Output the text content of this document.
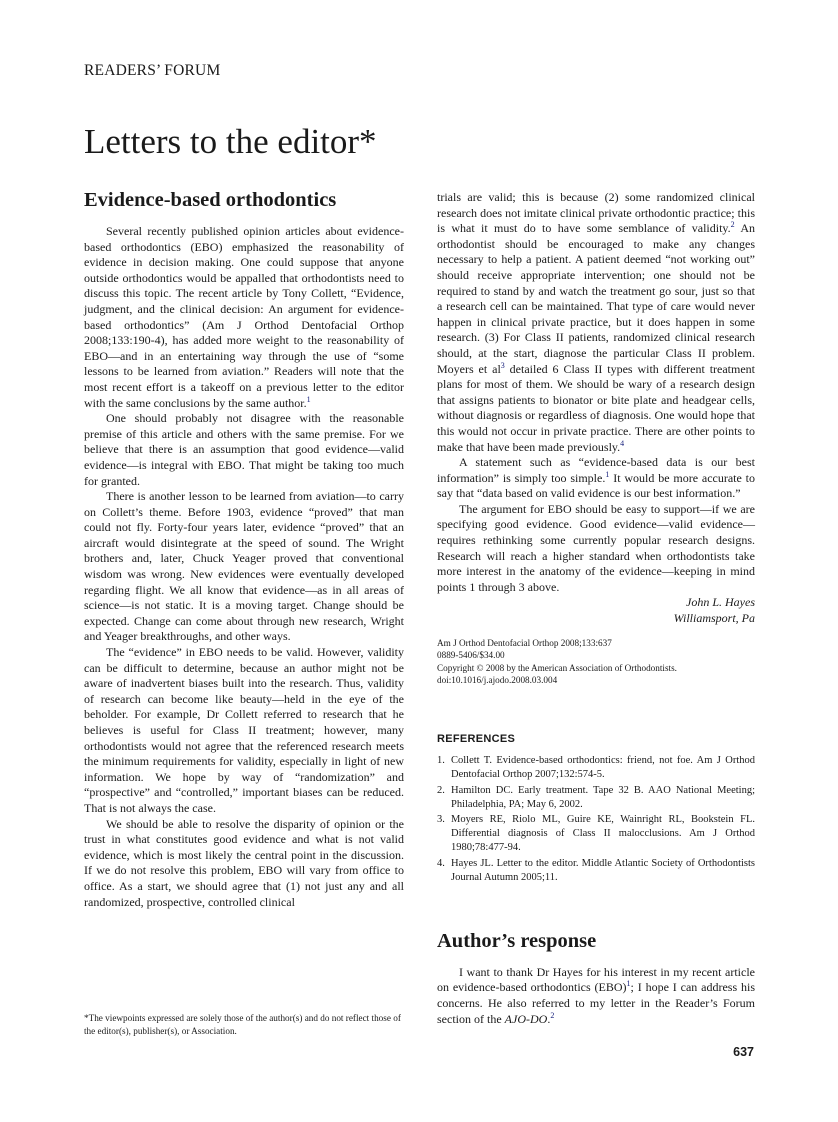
READERS’ FORUM
Letters to the editor*
Evidence-based orthodontics

Several recently published opinion articles about evidence-based orthodontics (EBO) emphasized the reasonability of evidence in decision making. One could suppose that anyone outside orthodontics would be appalled that orthodontists need to discuss this topic. The recent article by Tony Collett, “Evidence, judgment, and the clinical decision: An argument for evidence-based orthodontics” (Am J Orthod Dentofacial Orthop 2008;133:190-4), has added more weight to the reasonability of EBO—and in an entertaining way through the use of “some lessons to be learned from aviation.” Readers will note that the most recent effort is a takeoff on a previous letter to the editor with the same conclusions by the same author.$^1$

One should probably not disagree with the reasonable premise of this article and others with the same premise. For we believe that there is an assumption that good evidence—valid evidence—is integral with EBO. That might be taking too much for granted.

There is another lesson to be learned from aviation—to carry on Collett’s theme. Before 1903, evidence “proved” that man could not fly. Forty-four years later, evidence “proved” that an aircraft would disintegrate at the speed of sound. The Wright brothers and, later, Chuck Yeager proved that conventional wisdom was wrong. New evidences were eventually developed regarding flight. We all know that evidence—as in all areas of science—is not static. It is a moving target. Change should be expected. Change can come about through new research, Wright and Yeager breakthroughs, and other ways.

The “evidence” in EBO needs to be valid. However, validity can be difficult to determine, because an author might not be aware of inadvertent biases built into the research. Thus, validity of research can become like beauty—held in the eye of the beholder. For example, Dr Collett referred to research that he believes is useful for Class II treatment; however, many orthodontists would not agree that the referenced research meets the minimum requirements for validity, especially in light of new information. We hope by way of “randomization” and “prospective” and “controlled,” important biases can be reduced. That is not always the case.

We should be able to resolve the disparity of opinion or the trust in what constitutes good evidence and what is not valid evidence, which is most likely the central point in the discussion. If we do not resolve this problem, EBO will vary from office to office. As a start, we should agree that (1) not just any and all randomized, prospective, controlled clinical

*The viewpoints expressed are solely those of the author(s) and do not reflect those of the editor(s), publisher(s), or Association.

trials are valid; this is because (2) some randomized clinical research does not imitate clinical private orthodontic practice; this is what it must do to have some semblance of validity.$^2$ An orthodontist should be encouraged to make any changes necessary to help a patient. A patient deemed “not working out” should receive appropriate intervention; one should not be required to stand by and watch the treatment go sour, just so that a research cell can be maintained. That type of care would never happen in clinical private practice, but it does happen in some research. (3) For Class II patients, randomized clinical research should, at the start, diagnose the particular Class II problem. Moyers et $al^3$ detailed 6 Class II types with different treatment plans for most of them. We should be wary of a research design that assigns patients to bionator or bite plate and headgear cells, without diagnosis or regardless of diagnosis. One would hope that this would not occur in private practice. There are other points to make that have been made previously.$^4$

A statement such as “evidence-based data is our best information” is simply too simple.$^1$ It would be more accurate to say that “data based on valid evidence is our best information.”

The argument for EBO should be easy to support—if we are specifying good evidence. Good evidence—valid evidence—requires rethinking some currently popular research designs. Research will reach a higher standard when orthodontists take more interest in the anatomy of the evidence—keeping in mind points 1 through 3 above.

John L. Hayes
Williamsport, Pa
Am J Orthod Dentofacial Orthop 2008;133:637
0889-5406/$34.00
Copyright © 2008 by the American Association of Orthodontists.
doi:10.1016/j.ajodo.2008.03.004
REFERENCES
1. Collett T. Evidence-based orthodontics: friend, not foe. Am J Orthod Dentofacial Orthop 2007;132:574-5.
2. Hamilton DC. Early treatment. Tape 32 B. AAO National Meeting; Philadelphia, PA; May 6, 2002.
3. Moyers RE, Riolo ML, Guire KE, Wainright RL, Bookstein FL. Differential diagnosis of Class II malocclusions. Am J Orthod 1980;78:477-94.
4. Hayes JL. Letter to the editor. Middle Atlantic Society of Orthodontists Journal Autumn 2005;11.
Author’s response

I want to thank Dr Hayes for his interest in my recent article on evidence-based orthodontics (EBO)$^1$; I hope I can address his concerns. He also referred to my letter in the Reader’s Forum section of the AJO-DO.$^2$

637
